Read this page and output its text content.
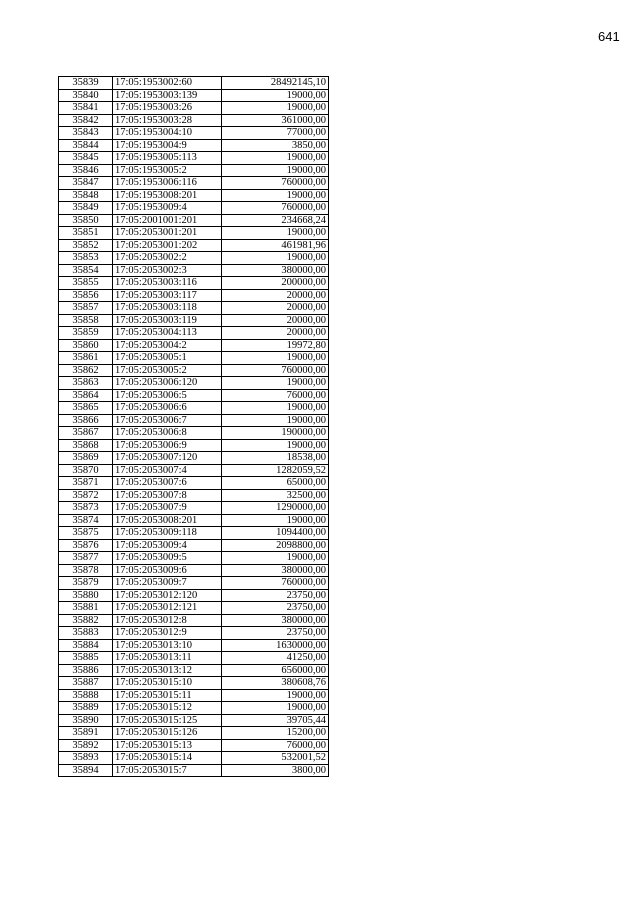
641
35839	17:05:1953002:60	28492145,10
35840	17:05:1953003:139	19000,00
35841	17:05:1953003:26	19000,00
35842	17:05:1953003:28	361000,00
35843	17:05:1953004:10	77000,00
35844	17:05:1953004:9	3850,00
35845	17:05:1953005:113	19000,00
35846	17:05:1953005:2	19000,00
35847	17:05:1953006:116	760000,00
35848	17:05:1953008:201	19000,00
35849	17:05:1953009:4	760000,00
35850	17:05:2001001:201	234668,24
35851	17:05:2053001:201	19000,00
35852	17:05:2053001:202	461981,96
35853	17:05:2053002:2	19000,00
35854	17:05:2053002:3	380000,00
35855	17:05:2053003:116	200000,00
35856	17:05:2053003:117	20000,00
35857	17:05:2053003:118	20000,00
35858	17:05:2053003:119	20000,00
35859	17:05:2053004:113	20000,00
35860	17:05:2053004:2	19972,80
35861	17:05:2053005:1	19000,00
35862	17:05:2053005:2	760000,00
35863	17:05:2053006:120	19000,00
35864	17:05:2053006:5	76000,00
35865	17:05:2053006:6	19000,00
35866	17:05:2053006:7	19000,00
35867	17:05:2053006:8	190000,00
35868	17:05:2053006:9	19000,00
35869	17:05:2053007:120	18538,00
35870	17:05:2053007:4	1282059,52
35871	17:05:2053007:6	65000,00
35872	17:05:2053007:8	32500,00
35873	17:05:2053007:9	1290000,00
35874	17:05:2053008:201	19000,00
35875	17:05:2053009:118	1094400,00
35876	17:05:2053009:4	2098800,00
35877	17:05:2053009:5	19000,00
35878	17:05:2053009:6	380000,00
35879	17:05:2053009:7	760000,00
35880	17:05:2053012:120	23750,00
35881	17:05:2053012:121	23750,00
35882	17:05:2053012:8	380000,00
35883	17:05:2053012:9	23750,00
35884	17:05:2053013:10	1630000,00
35885	17:05:2053013:11	41250,00
35886	17:05:2053013:12	656000,00
35887	17:05:2053015:10	380608,76
35888	17:05:2053015:11	19000,00
35889	17:05:2053015:12	19000,00
35890	17:05:2053015:125	39705,44
35891	17:05:2053015:126	15200,00
35892	17:05:2053015:13	76000,00
35893	17:05:2053015:14	532001,52
35894	17:05:2053015:7	3800,00
